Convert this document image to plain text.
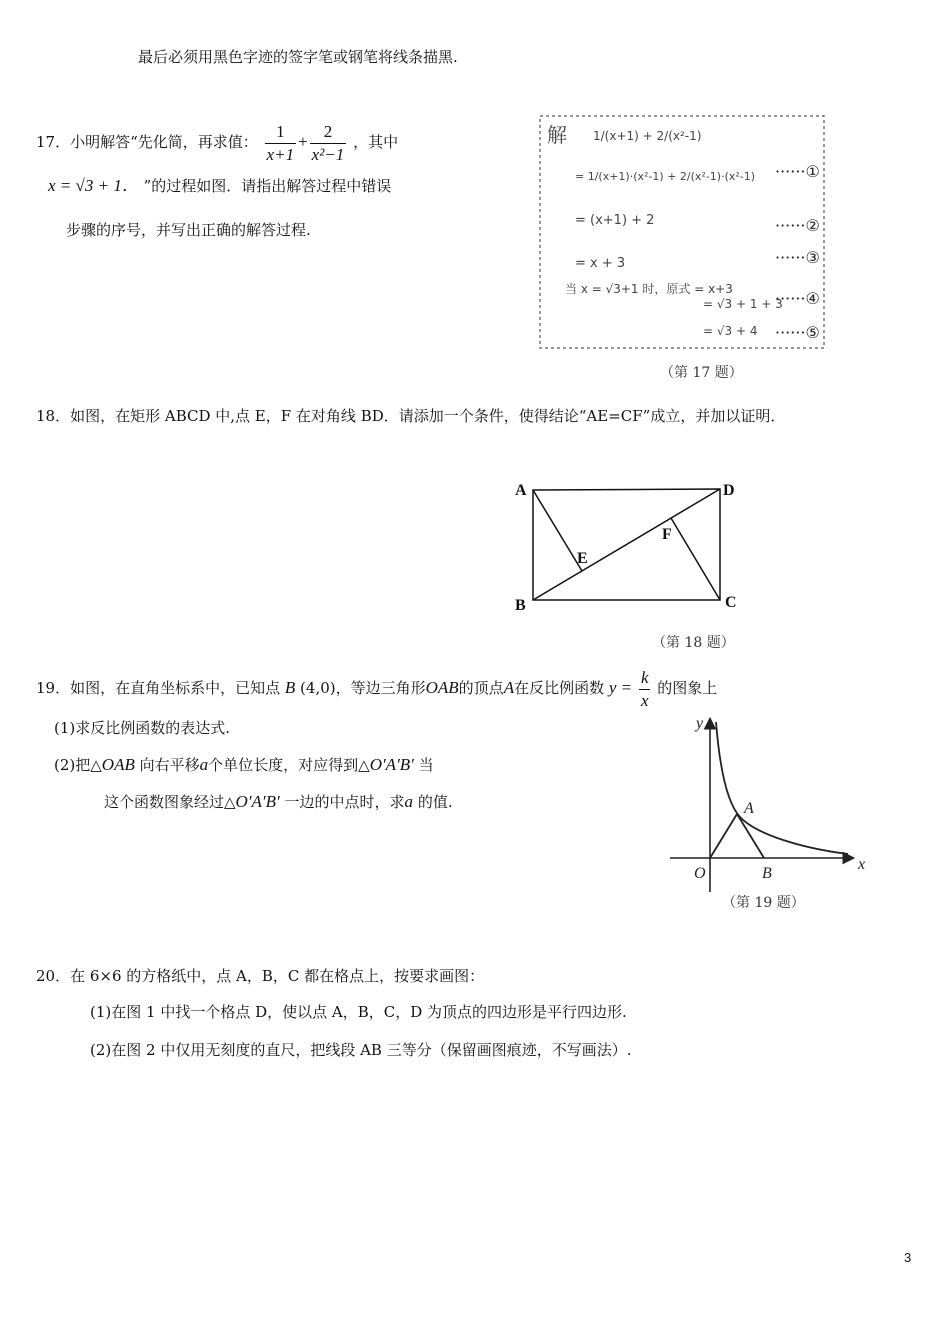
最后必须用黑色字迹的签字笔或钢笔将线条描黑.
17．小明解答“先化简，再求值： $\frac{1}{x+1} + \frac{2}{\text{x²−1}}$ ，其中
x = √3 + 1． ”的过程如图．请指出解答过程中错误
步骤的序号，并写出正确的解答过程.
解 1/(x+1) + 2/(x²-1)
= 1/(x+1)·(x²-1) + 2/(x²-1)·(x²-1)
= (x+1) + 2
= x + 3
当 x = √3+1 时，原式 = x+3
= √3 + 1 + 3
= √3 + 4
······①
······②
······③
······④
······⑤
（第 17 题）
18．如图，在矩形 ABCD 中,点 E，F 在对角线 BD．请添加一个条件，使得结论“AE=CF”成立，并加以证明．
A	D
B	C
E
F
（第 18 题）
19．如图，在直角坐标系中，已知点 B (4,0)，等边三角形OAB的顶点A在反比例函数 $y = \frac{k}{x}$ 的图象上
(1)求反比例函数的表达式.
(2)把△OAB 向右平移a个单位长度，对应得到△O′A′B′ 当
这个函数图象经过△O′A′B′ 一边的中点时，求a 的值.
y
x
O
A
B
（第 19 题）
20．在 6×6 的方格纸中，点 A，B，C 都在格点上，按要求画图：
(1)在图 1 中找一个格点 D，使以点 A，B，C，D 为顶点的四边形是平行四边形.
(2)在图 2 中仅用无刻度的直尺，把线段 AB 三等分（保留画图痕迹，不写画法）.
3
